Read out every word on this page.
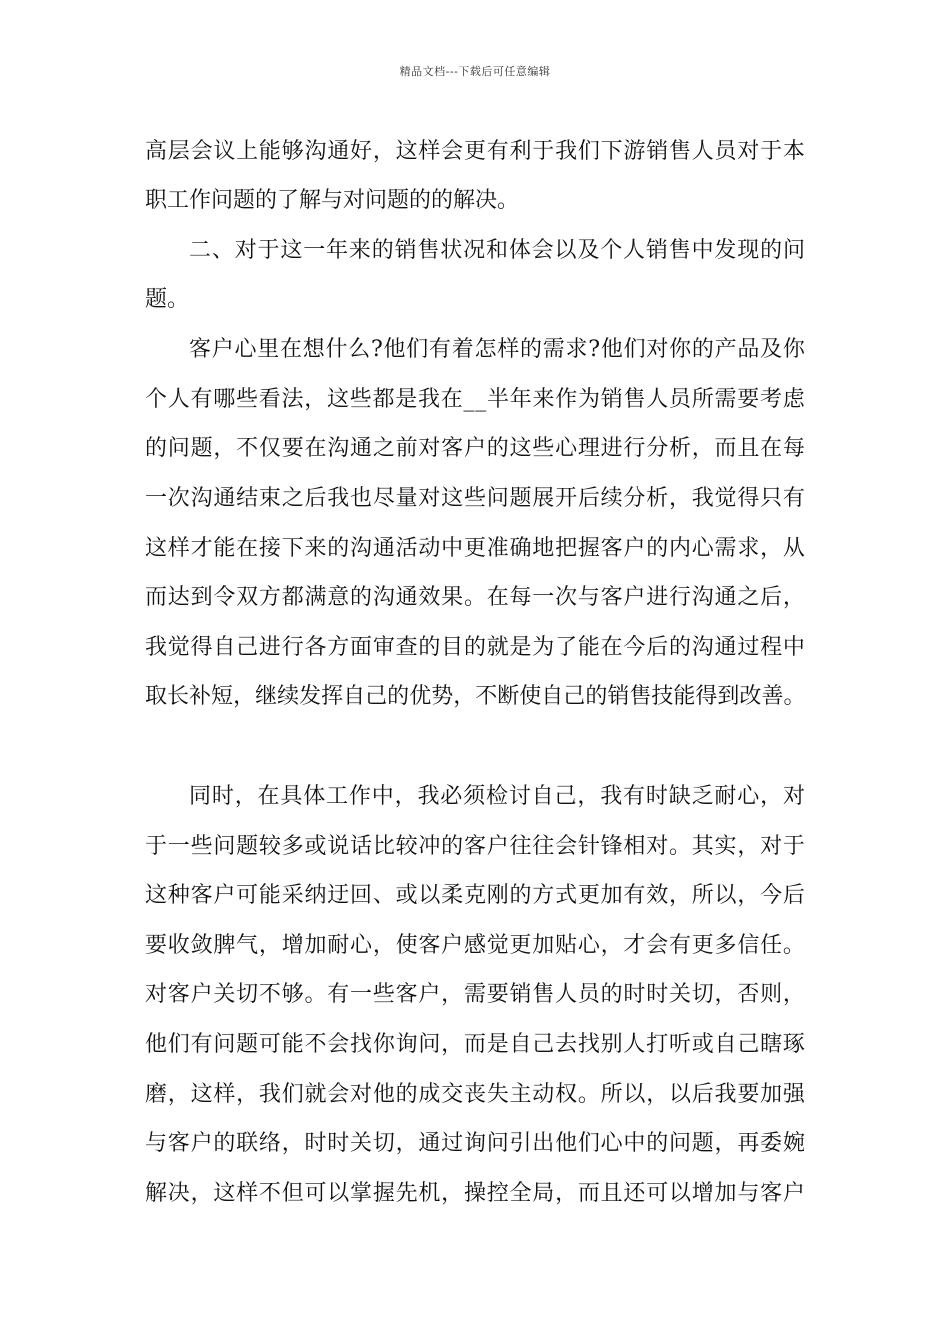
精品文档---下载后可任意编辑
高 层 会 议 上 能 够 沟 通 好 ， 这 样 会 更 有 利 于 我 们 下 游 销 售 人 员 对 于 本
职工作问题的了解与对问题的的解决。
二 、 对 于 这 一 年 来 的 销 售 状 况 和 体 会 以 及 个 人 销 售 中 发 现 的 问
题。
客 户 心 里 在 想 什 么 ? 他 们 有 着 怎 样 的 需 求 ? 他 们 对 你 的 产 品 及 你
个 人 有 哪 些 看 法 ， 这 些 都 是 我 在 _ _ 半 年 来 作 为 销 售 人 员 所 需 要 考 虑
的 问 题 ， 不 仅 要 在 沟 通 之 前 对 客 户 的 这 些 心 理 进 行 分 析 ， 而 且 在 每
一 次 沟 通 结 束 之 后 我 也 尽 量 对 这 些 问 题 展 开 后 续 分 析 ， 我 觉 得 只 有
这 样 才 能 在 接 下 来 的 沟 通 活 动 中 更 准 确 地 把 握 客 户 的 内 心 需 求 ， 从
而 达 到 令 双 方 都 满 意 的 沟 通 效 果 。 在 每 一 次 与 客 户 进 行 沟 通 之 后 ，
我 觉 得 自 己 进 行 各 方 面 审 查 的 目 的 就 是 为 了 能 在 今 后 的 沟 通 过 程 中
取 长 补 短 ， 继 续 发 挥 自 己 的 优 势 ， 不 断 使 自 己 的 销 售 技 能 得 到 改 善 。
同 时 ， 在 具 体 工 作 中 ， 我 必 须 检 讨 自 己 ， 我 有 时 缺 乏 耐 心 ， 对
于 一 些 问 题 较 多 或 说 话 比 较 冲 的 客 户 往 往 会 针 锋 相 对 。 其 实 ， 对 于
这 种 客 户 可 能 采 纳 迂 回 、 或 以 柔 克 刚 的 方 式 更 加 有 效 ， 所 以 ， 今 后
要 收 敛 脾 气 ， 增 加 耐 心 ， 使 客 户 感 觉 更 加 贴 心 ， 才 会 有 更 多 信 任 。
对 客 户 关 切 不 够 。 有 一 些 客 户 ， 需 要 销 售 人 员 的 时 时 关 切 ， 否 则 ，
他 们 有 问 题 可 能 不 会 找 你 询 问 ， 而 是 自 己 去 找 别 人 打 听 或 自 己 瞎 琢
磨 ， 这 样 ， 我 们 就 会 对 他 的 成 交 丧 失 主 动 权 。 所 以 ， 以 后 我 要 加 强
与 客 户 的 联 络 ， 时 时 关 切 ， 通 过 询 问 引 出 他 们 心 中 的 问 题 ， 再 委 婉
解 决 ， 这 样 不 但 可 以 掌 握 先 机 ， 操 控 全 局 ， 而 且 还 可 以 增 加 与 客 户
